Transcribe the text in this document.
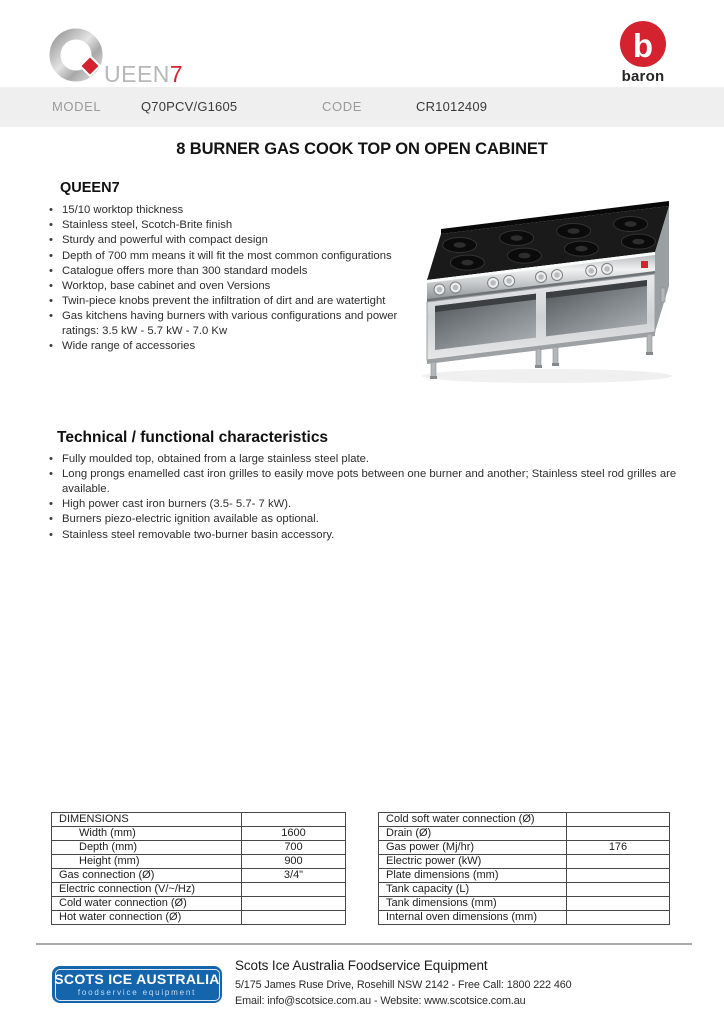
UEEN7
b
baron
MODEL	Q70PCV/G1605	CODE	CR1012409
8 BURNER GAS COOK TOP ON OPEN CABINET
QUEEN7
• 15/10 worktop thickness
• Stainless steel, Scotch-Brite finish
• Sturdy and powerful with compact design
• Depth of 700 mm means it will fit the most common configurations
• Catalogue offers more than 300 standard models
• Worktop, base cabinet and oven Versions
• Twin-piece knobs prevent the infiltration of dirt and are watertight
• Gas kitchens having burners with various configurations and power ratings: 3.5 kW - 5.7 kW - 7.0 Kw
• Wide range of accessories
Technical / functional characteristics
• Fully moulded top, obtained from a large stainless steel plate.
• Long prongs enamelled cast iron grilles to easily move pots between one burner and another; Stainless steel rod grilles are available.
• High power cast iron burners (3.5- 5.7- 7 kW).
• Burners piezo-electric ignition available as optional.
• Stainless steel removable two-burner basin accessory.
DIMENSIONS	
Width (mm)	1600
Depth (mm)	700
Height (mm)	900
Gas connection (Ø)	3/4"
Electric connection (V/~/Hz)	
Cold water connection (Ø)	
Hot water connection (Ø)	
Cold soft water connection (Ø)	
Drain (Ø)	
Gas power (Mj/hr)	176
Electric power (kW)	
Plate dimensions (mm)	
Tank capacity (L)	
Tank dimensions (mm)	
Internal oven dimensions (mm)	
SCOTS ICE AUSTRALIA
foodservice equipment
Scots Ice Australia Foodservice Equipment
5/175 James Ruse Drive, Rosehill NSW 2142 - Free Call: 1800 222 460
Email: info@scotsice.com.au - Website: www.scotsice.com.au
